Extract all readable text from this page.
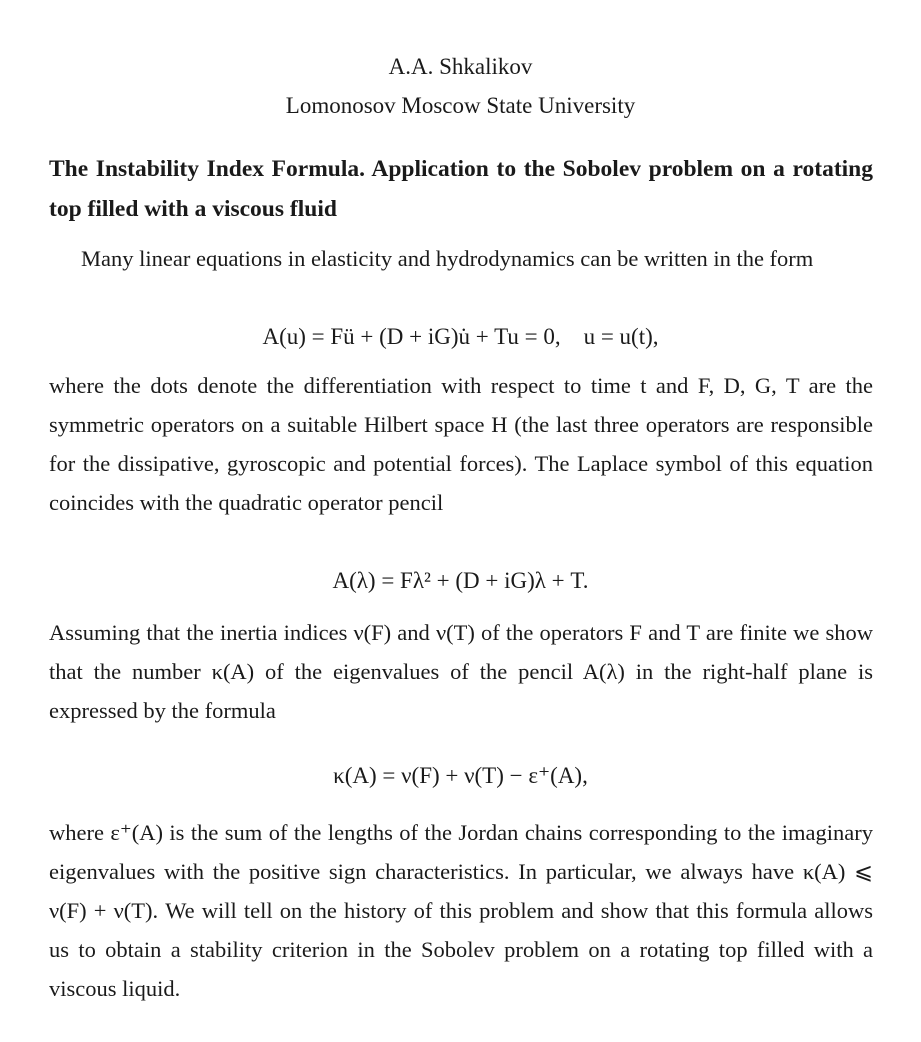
A.A. Shkalikov
Lomonosov Moscow State University
The Instability Index Formula. Application to the Sobolev problem on a rotating top filled with a viscous fluid
Many linear equations in elasticity and hydrodynamics can be written in the form
A(u) = Fü + (D + iG)u̇ + Tu = 0,    u = u(t),
where the dots denote the differentiation with respect to time t and F, D, G, T are the symmetric operators on a suitable Hilbert space H (the last three operators are responsible for the dissipative, gyroscopic and potential forces). The Laplace symbol of this equation coincides with the quadratic operator pencil
A(λ) = Fλ² + (D + iG)λ + T.
Assuming that the inertia indices ν(F) and ν(T) of the operators F and T are finite we show that the number κ(A) of the eigenvalues of the pencil A(λ) in the right-half plane is expressed by the formula
κ(A) = ν(F) + ν(T) − ε⁺(A),
where ε⁺(A) is the sum of the lengths of the Jordan chains corresponding to the imaginary eigenvalues with the positive sign characteristics. In particular, we always have κ(A) ⩽ ν(F) + ν(T). We will tell on the history of this problem and show that this formula allows us to obtain a stability criterion in the Sobolev problem on a rotating top filled with a viscous liquid.
